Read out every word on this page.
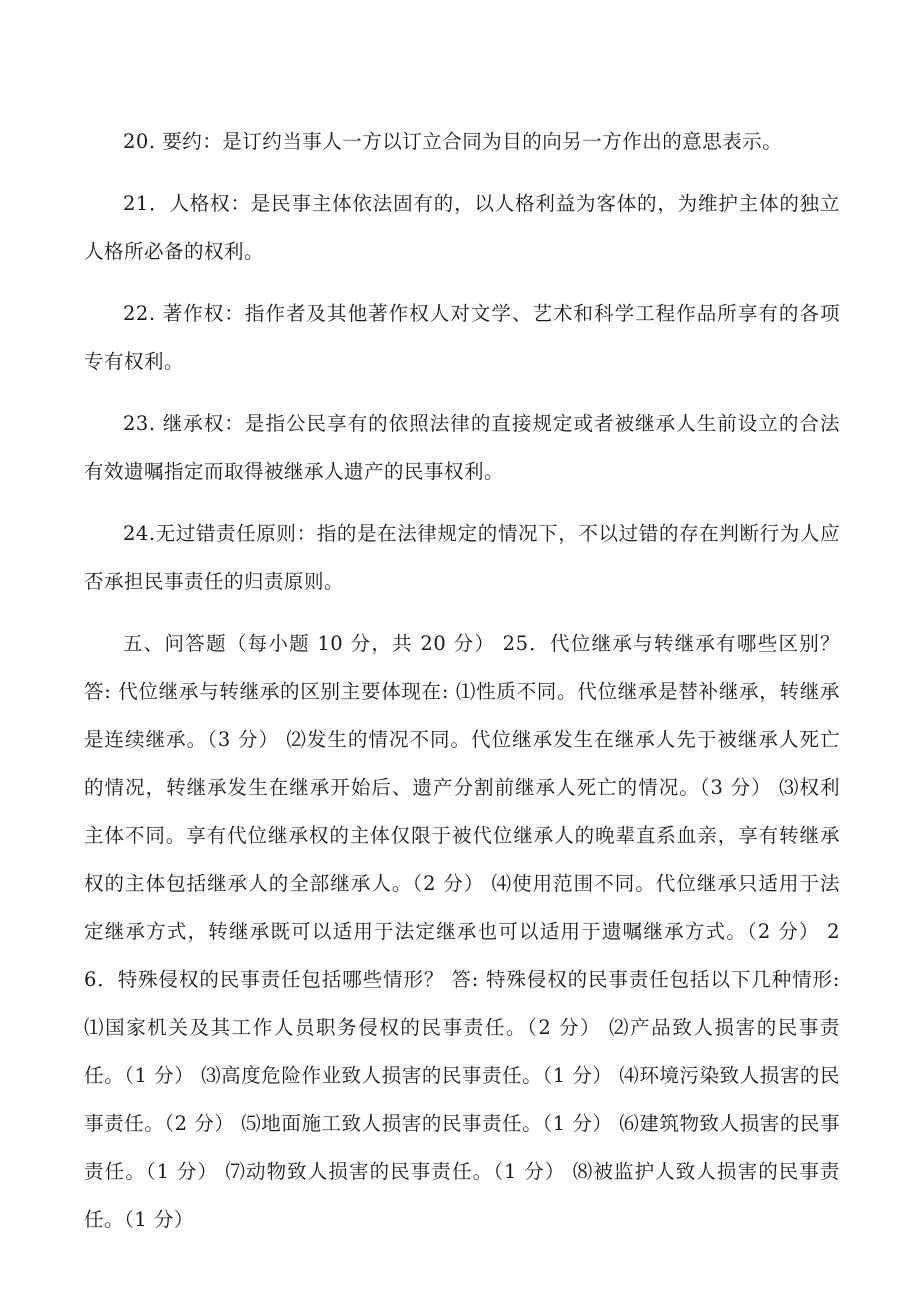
20. 要约：是订约当事人一方以订立合同为目的向另一方作出的意思表示。

21．人格权：是民事主体依法固有的，以人格利益为客体的，为维护主体的独立人格所必备的权利。

22. 著作权：指作者及其他著作权人对文学、艺术和科学工程作品所享有的各项专有权利。

23. 继承权：是指公民享有的依照法律的直接规定或者被继承人生前设立的合法有效遗嘱指定而取得被继承人遗产的民事权利。

24.无过错责任原则：指的是在法律规定的情况下，不以过错的存在判断行为人应否承担民事责任的归责原则。

五、问答题（每小题 10 分，共 20 分） 25．代位继承与转继承有哪些区别？答: 代位继承与转继承的区别主要体现在: ⑴性质不同。代位继承是替补继承，转继承是连续继承。（3 分） ⑵发生的情况不同。代位继承发生在继承人先于被继承人死亡的情况，转继承发生在继承开始后、遗产分割前继承人死亡的情况。（3 分） ⑶权利主体不同。享有代位继承权的主体仅限于被代位继承人的晚辈直系血亲，享有转继承权的主体包括继承人的全部继承人。（2 分） ⑷使用范围不同。代位继承只适用于法定继承方式，转继承既可以适用于法定继承也可以适用于遗嘱继承方式。（2 分） 26．特殊侵权的民事责任包括哪些情形？ 答: 特殊侵权的民事责任包括以下几种情形: ⑴国家机关及其工作人员职务侵权的民事责任。（2 分） ⑵产品致人损害的民事责任。（1 分） ⑶高度危险作业致人损害的民事责任。（1 分） ⑷环境污染致人损害的民事责任。（2 分） ⑸地面施工致人损害的民事责任。（1 分） ⑹建筑物致人损害的民事责任。（1 分） ⑺动物致人损害的民事责任。（1 分） ⑻被监护人致人损害的民事责任。（1 分）
